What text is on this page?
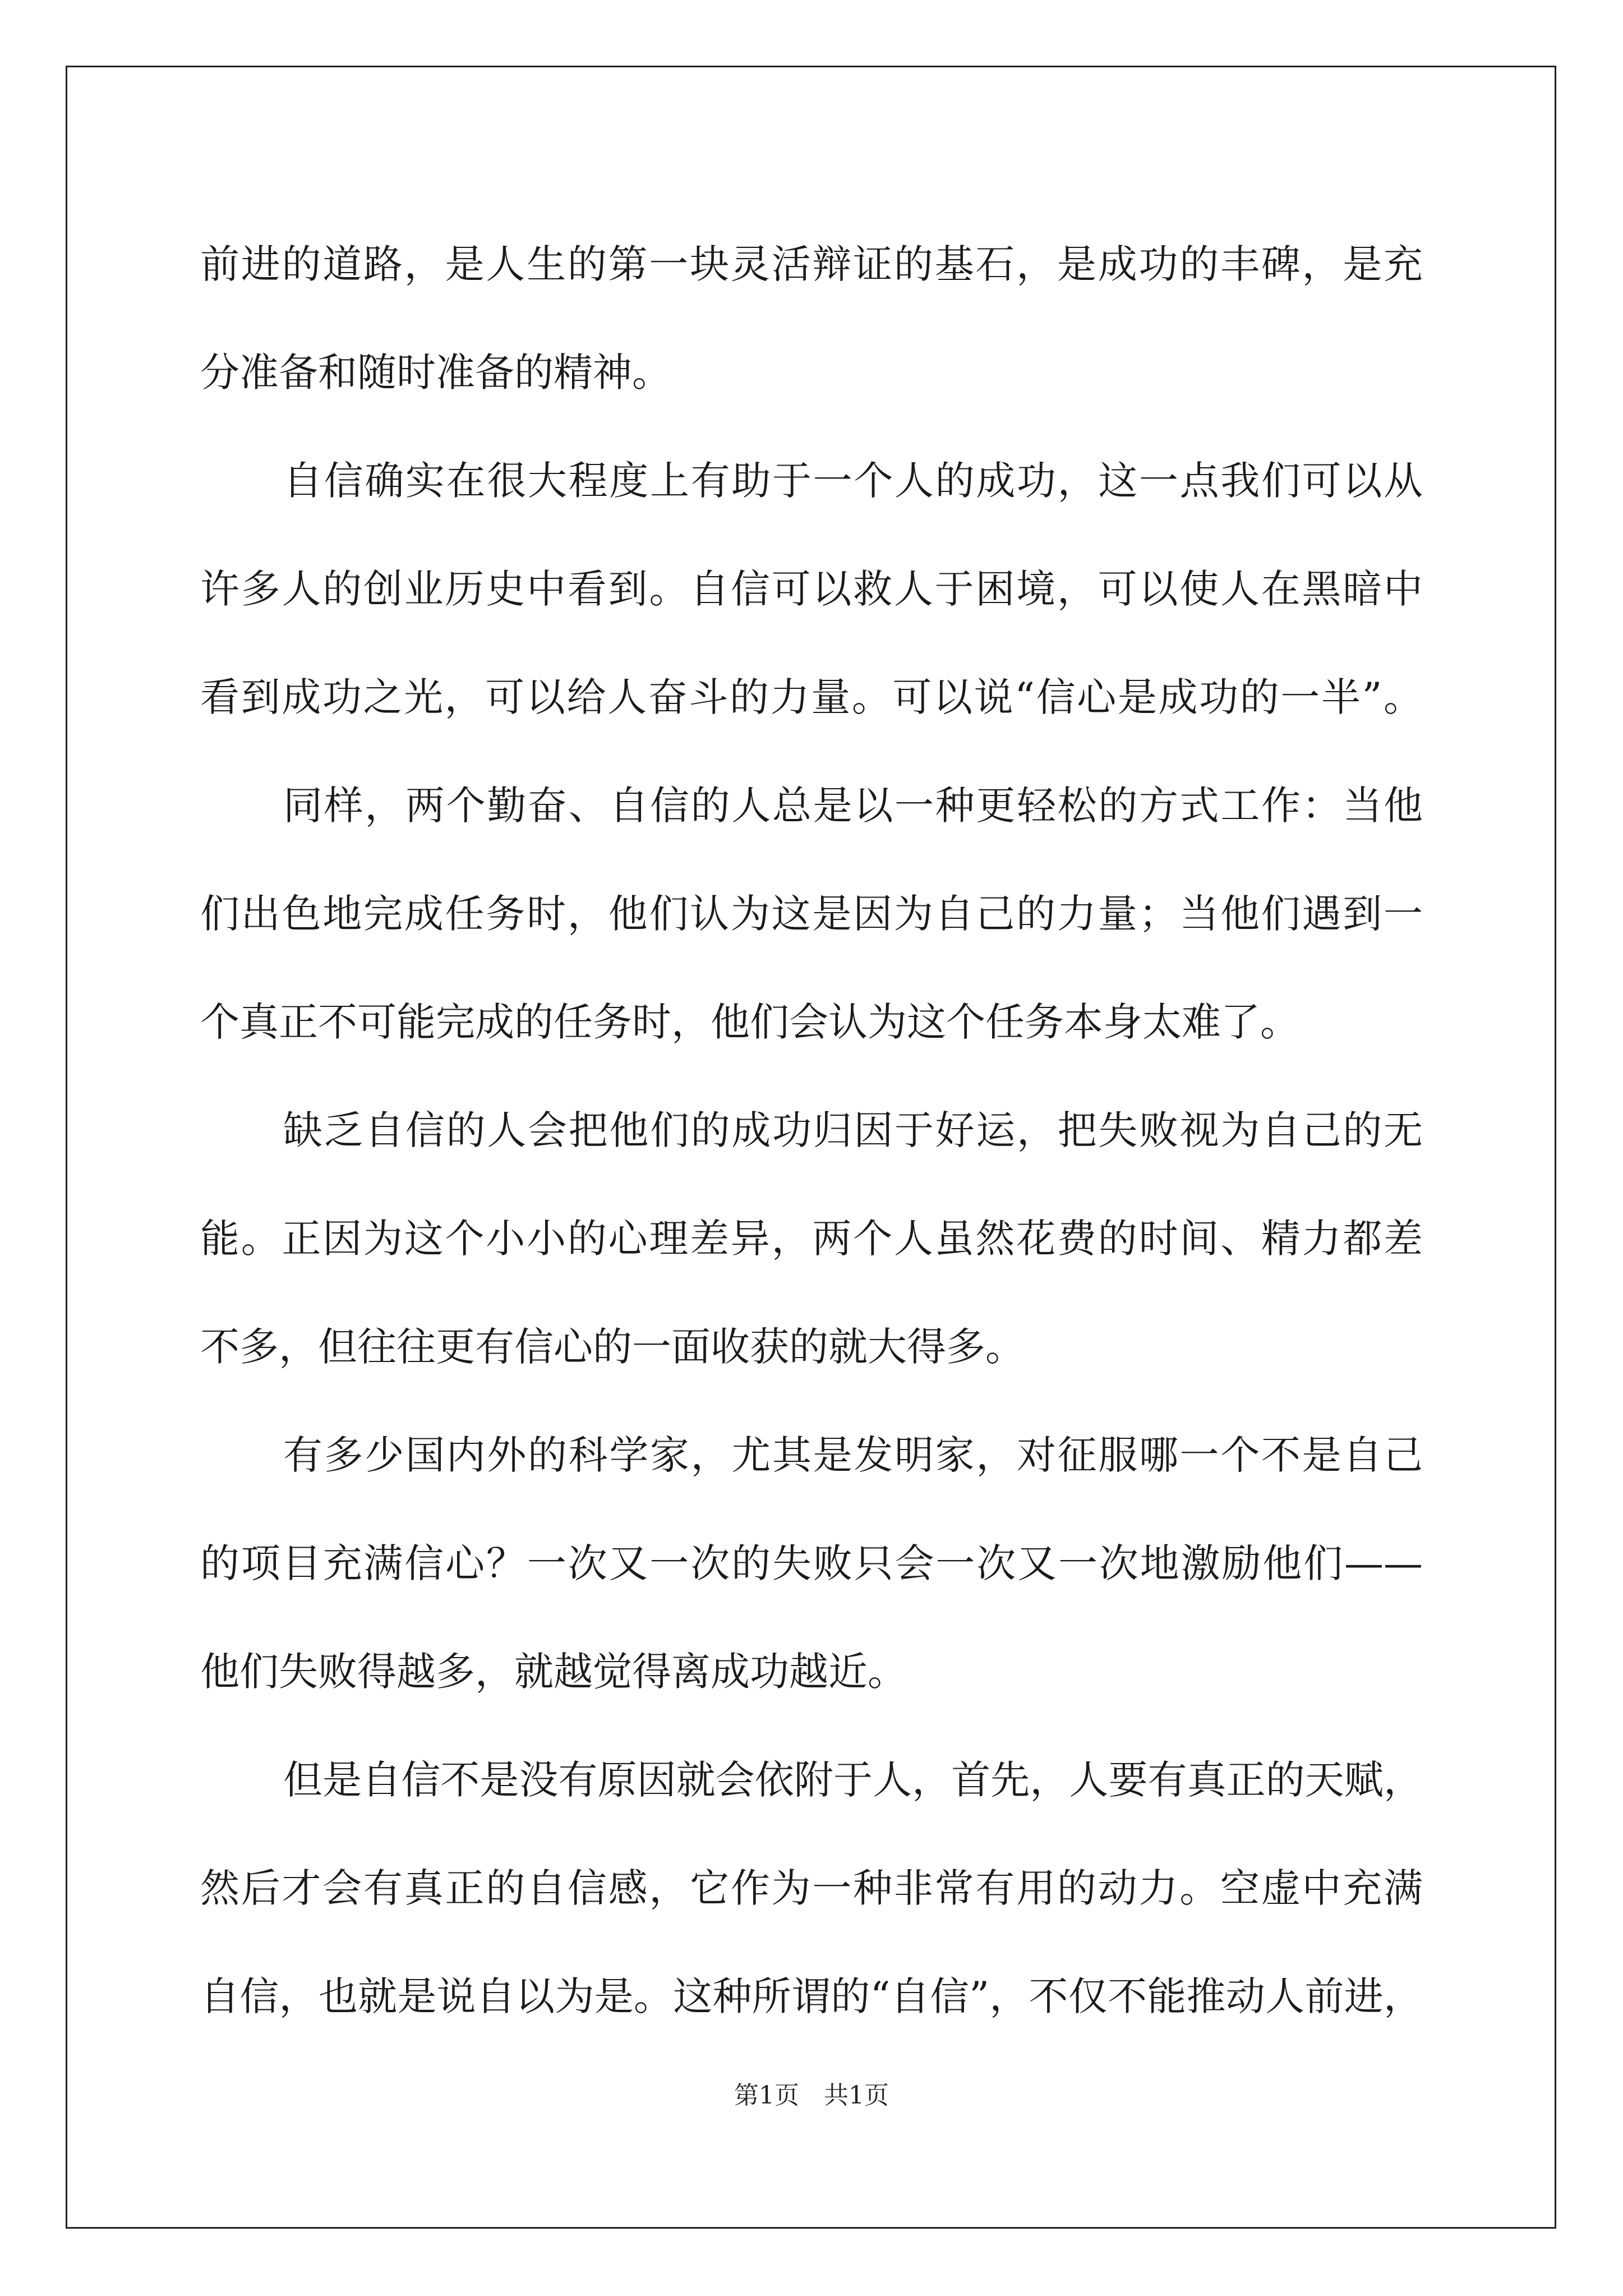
前进的道路，是人生的第一块灵活辩证的基石，是成功的丰碑，是充
分准备和随时准备的精神。
自信确实在很大程度上有助于一个人的成功，这一点我们可以从
许多人的创业历史中看到。自信可以救人于困境，可以使人在黑暗中
看到成功之光，可以给人奋斗的力量。可以说“信心是成功的一半”。
同样，两个勤奋、自信的人总是以一种更轻松的方式工作：当他
们出色地完成任务时，他们认为这是因为自己的力量；当他们遇到一
个真正不可能完成的任务时，他们会认为这个任务本身太难了。
缺乏自信的人会把他们的成功归因于好运，把失败视为自己的无
能。正因为这个小小的心理差异，两个人虽然花费的时间、精力都差
不多，但往往更有信心的一面收获的就大得多。
有多少国内外的科学家，尤其是发明家，对征服哪一个不是自己
的项目充满信心？一次又一次的失败只会一次又一次地激励他们——
他们失败得越多，就越觉得离成功越近。
但是自信不是没有原因就会依附于人，首先，人要有真正的天赋，
然后才会有真正的自信感，它作为一种非常有用的动力。空虚中充满
自信，也就是说自以为是。这种所谓的“自信”，不仅不能推动人前进，
第1页 共1页
